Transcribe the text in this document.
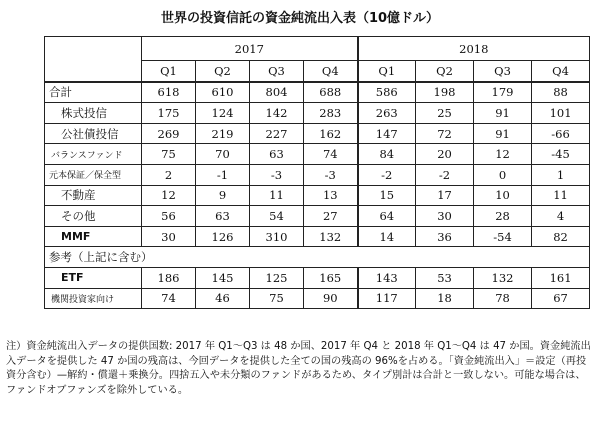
世界の投資信託の資金純流出入表（10億ドル）
	2017				2018			
	Q1	Q2	Q3	Q4	Q1	Q2	Q3	Q4
合計	618	610	804	688	586	198	179	88
株式投信	175	124	142	283	263	25	91	101
公社債投信	269	219	227	162	147	72	91	-66
バランスファンド	75	70	63	74	84	20	12	-45
元本保証／保全型	2	-1	-3	-3	-2	-2	0	1
不動産	12	9	11	13	15	17	10	11
その他	56	63	54	27	64	30	28	4
MMF	30	126	310	132	14	36	-54	82
参考（上記に含む）								
ETF	186	145	125	165	143	53	132	161
機関投資家向け	74	46	75	90	117	18	78	67
注）資金純流出入データの提供国数: 2017 年 Q1～Q3 は 48 か国、2017 年 Q4 と 2018 年 Q1～Q4 は 47 か国。資金純流出入データを提供した 47 か国の残高は、今回データを提供した全ての国の残高の 96%を占める。「資金純流出入」＝設定（再投資分含む）—解約・償還＋乗換分。四捨五入や未分類のファンドがあるため、タイプ別計は合計と一致しない。可能な場合は、ファンドオブファンズを除外している。
